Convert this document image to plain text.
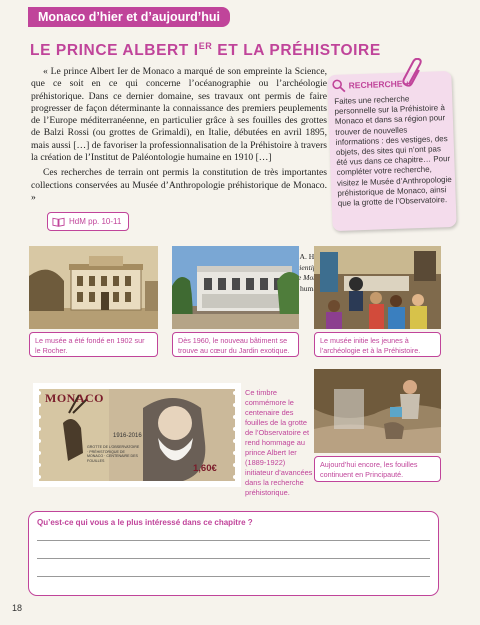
Monaco d’hier et d’aujourd’hui
LE PRINCE ALBERT IER ET LA PRÉHISTOIRE

« Le prince Albert Ier de Monaco a marqué de son empreinte la Science, que ce soit en ce qui concerne l’océanographie ou l’archéologie préhistorique. Dans ce dernier domaine, ses travaux ont permis de faire progresser de façon déterminante la connaissance des premiers peuplements de l’Europe méditerranéenne, en particulier grâce à ses fouilles des grottes de Balzi Rossi (ou grottes de Grimaldi), en Italie, débutées en avril 1895, mais aussi […] de favoriser la professionnalisation de la Préhistoire à travers la création de l’Institut de Paléontologie humaine en 1910 […]

Ces recherches de terrain ont permis la constitution de très importantes collections conservées au Musée d’Anthropologie préhistorique de Monaco. »

HdM pp. 10-11
A.
scientifique
humaine.
RECHERCHE +
Faites une recherche personnelle sur la Préhistoire à Monaco et dans sa région pour trouver de nouvelles informations : des vestiges, des objets, des sites qui n’ont pas été vus dans ce chapitre… Pour compléter votre recherche, visitez le Musée d’Anthropologie préhistorique de Monaco, ainsi que la grotte de l’Observatoire.
Le musée a été fondé en 1902 sur le Rocher.
Dès 1960, le nouveau bâtiment se trouve au cœur du Jardin exotique.
Le musée initie les jeunes à l’archéologie et à la Préhistoire.
MONACO
1916-2016
GROTTE DE L’OBSERVATOIRE · PRÉHISTORIQUE DE MONACO · CENTENAIRE DES FOUILLES
1,60€
Ce timbre commémore le centenaire des fouilles de la grotte de l’Observatoire et rend hommage au prince Albert Ier (1889-1922) initiateur d’avancées dans la recherche préhistorique.
Aujourd’hui encore, les fouilles continuent en Principauté.
Qu’est-ce qui vous a le plus intéressé dans ce chapitre ?
18
